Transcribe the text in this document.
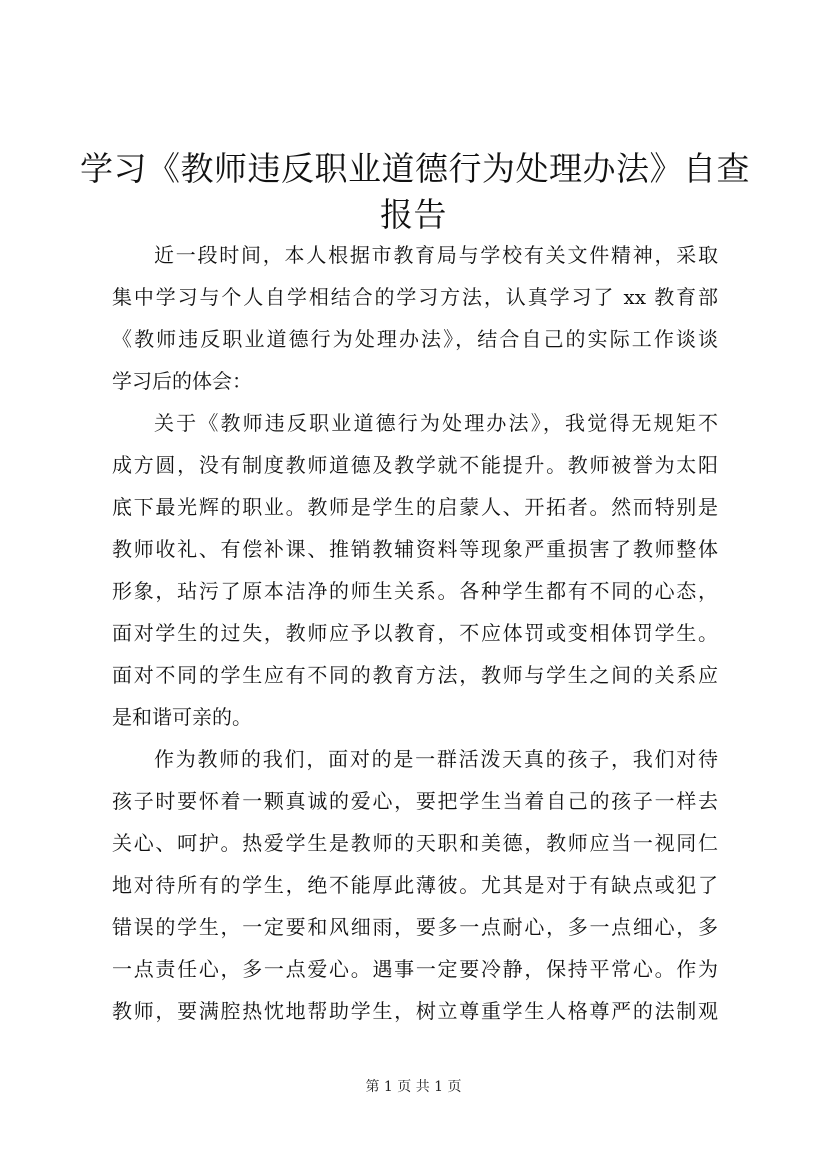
学习《教师违反职业道德行为处理办法》自查
报告
近一段时间，本人根据市教育局与学校有关文件精神，采取
集中学习与个人自学相结合的学习方法，认真学习了 xx 教育部
《教师违反职业道德行为处理办法》，结合自己的实际工作谈谈
学习后的体会：
关于《教师违反职业道德行为处理办法》，我觉得无规矩不
成方圆，没有制度教师道德及教学就不能提升。教师被誉为太阳
底下最光辉的职业。教师是学生的启蒙人、开拓者。然而特别是
教师收礼、有偿补课、推销教辅资料等现象严重损害了教师整体
形象，玷污了原本洁净的师生关系。各种学生都有不同的心态，
面对学生的过失，教师应予以教育，不应体罚或变相体罚学生。
面对不同的学生应有不同的教育方法，教师与学生之间的关系应
是和谐可亲的。
作为教师的我们，面对的是一群活泼天真的孩子，我们对待
孩子时要怀着一颗真诚的爱心，要把学生当着自己的孩子一样去
关心、呵护。热爱学生是教师的天职和美德，教师应当一视同仁
地对待所有的学生，绝不能厚此薄彼。尤其是对于有缺点或犯了
错误的学生，一定要和风细雨，要多一点耐心，多一点细心，多
一点责任心，多一点爱心。遇事一定要冷静，保持平常心。作为
教师，要满腔热忱地帮助学生，树立尊重学生人格尊严的法制观
第 1 页 共 1 页
